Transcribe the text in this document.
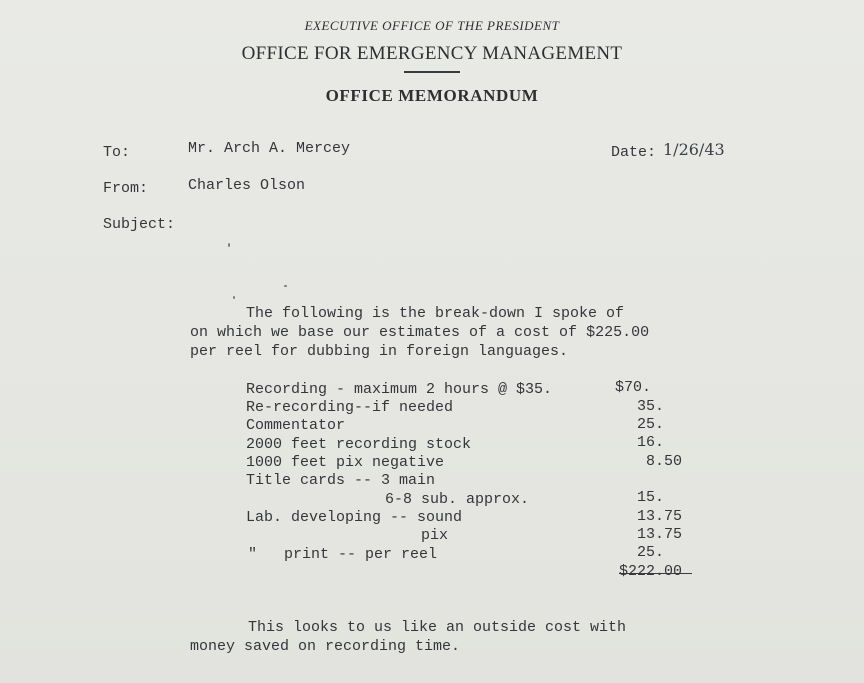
EXECUTIVE OFFICE OF THE PRESIDENT
OFFICE FOR EMERGENCY MANAGEMENT
OFFICE MEMORANDUM
To:	Mr. Arch A. Mercey	Date: 1/26/43
From:	Charles Olson
Subject:
The following is the break-down I spoke of
on which we base our estimates of a cost of $225.00
per reel for dubbing in foreign languages.
Recording - maximum 2 hours @ $35.	$70.
Re-recording--if needed	35.
Commentator	25.
2000 feet recording stock	16.
1000 feet pix negative	8.50
Title cards -- 3 main
6-8 sub. approx.	15.
Lab. developing -- sound	13.75
pix	13.75
"   print -- per reel	25.
$222.00
This looks to us like an outside cost with
money saved on recording time.
